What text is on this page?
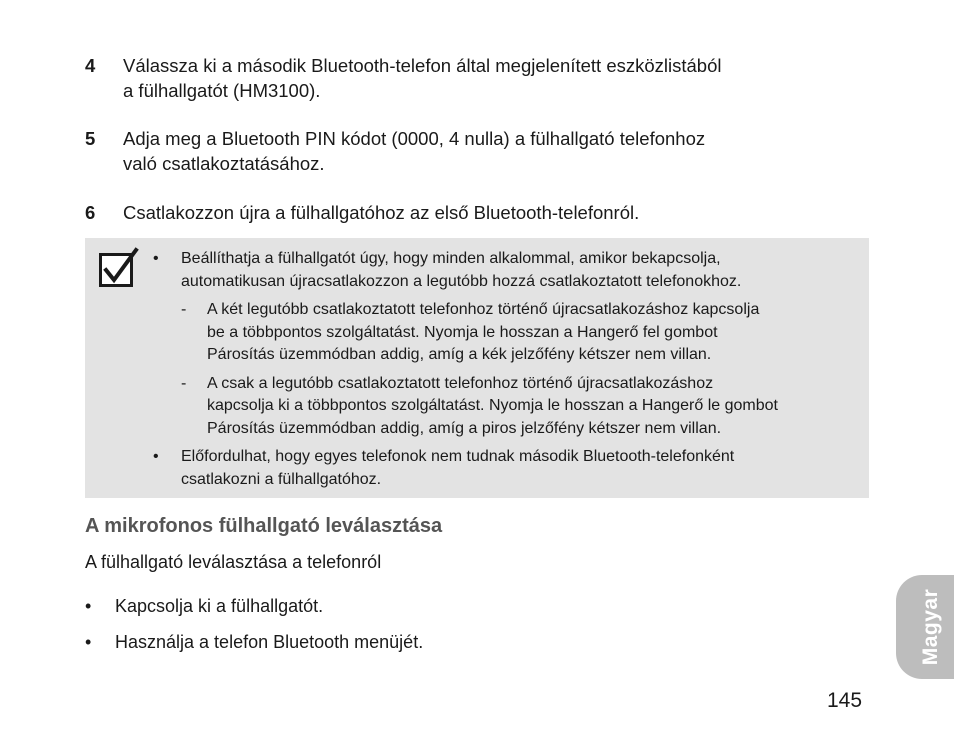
4 Válassza ki a második Bluetooth-telefon által megjelenített eszközlistából
a fülhallgatót (HM3100).
5 Adja meg a Bluetooth PIN kódot (0000, 4 nulla) a fülhallgató telefonhoz
való csatlakoztatásához.
6 Csatlakozzon újra a fülhallgatóhoz az első Bluetooth-telefonról.
• Beállíthatja a fülhallgatót úgy, hogy minden alkalommal, amikor bekapcsolja,
automatikusan újracsatlakozzon a legutóbb hozzá csatlakoztatott telefonokhoz.
- A két legutóbb csatlakoztatott telefonhoz történő újracsatlakozáshoz kapcsolja
be a többpontos szolgáltatást. Nyomja le hosszan a Hangerő fel gombot
Párosítás üzemmódban addig, amíg a kék jelzőfény kétszer nem villan.
- A csak a legutóbb csatlakoztatott telefonhoz történő újracsatlakozáshoz
kapcsolja ki a többpontos szolgáltatást. Nyomja le hosszan a Hangerő le gombot
Párosítás üzemmódban addig, amíg a piros jelzőfény kétszer nem villan.
• Előfordulhat, hogy egyes telefonok nem tudnak második Bluetooth-telefonként
csatlakozni a fülhallgatóhoz.
A mikrofonos fülhallgató leválasztása
A fülhallgató leválasztása a telefonról
• Kapcsolja ki a fülhallgatót.
• Használja a telefon Bluetooth menüjét.	Magyar
145
